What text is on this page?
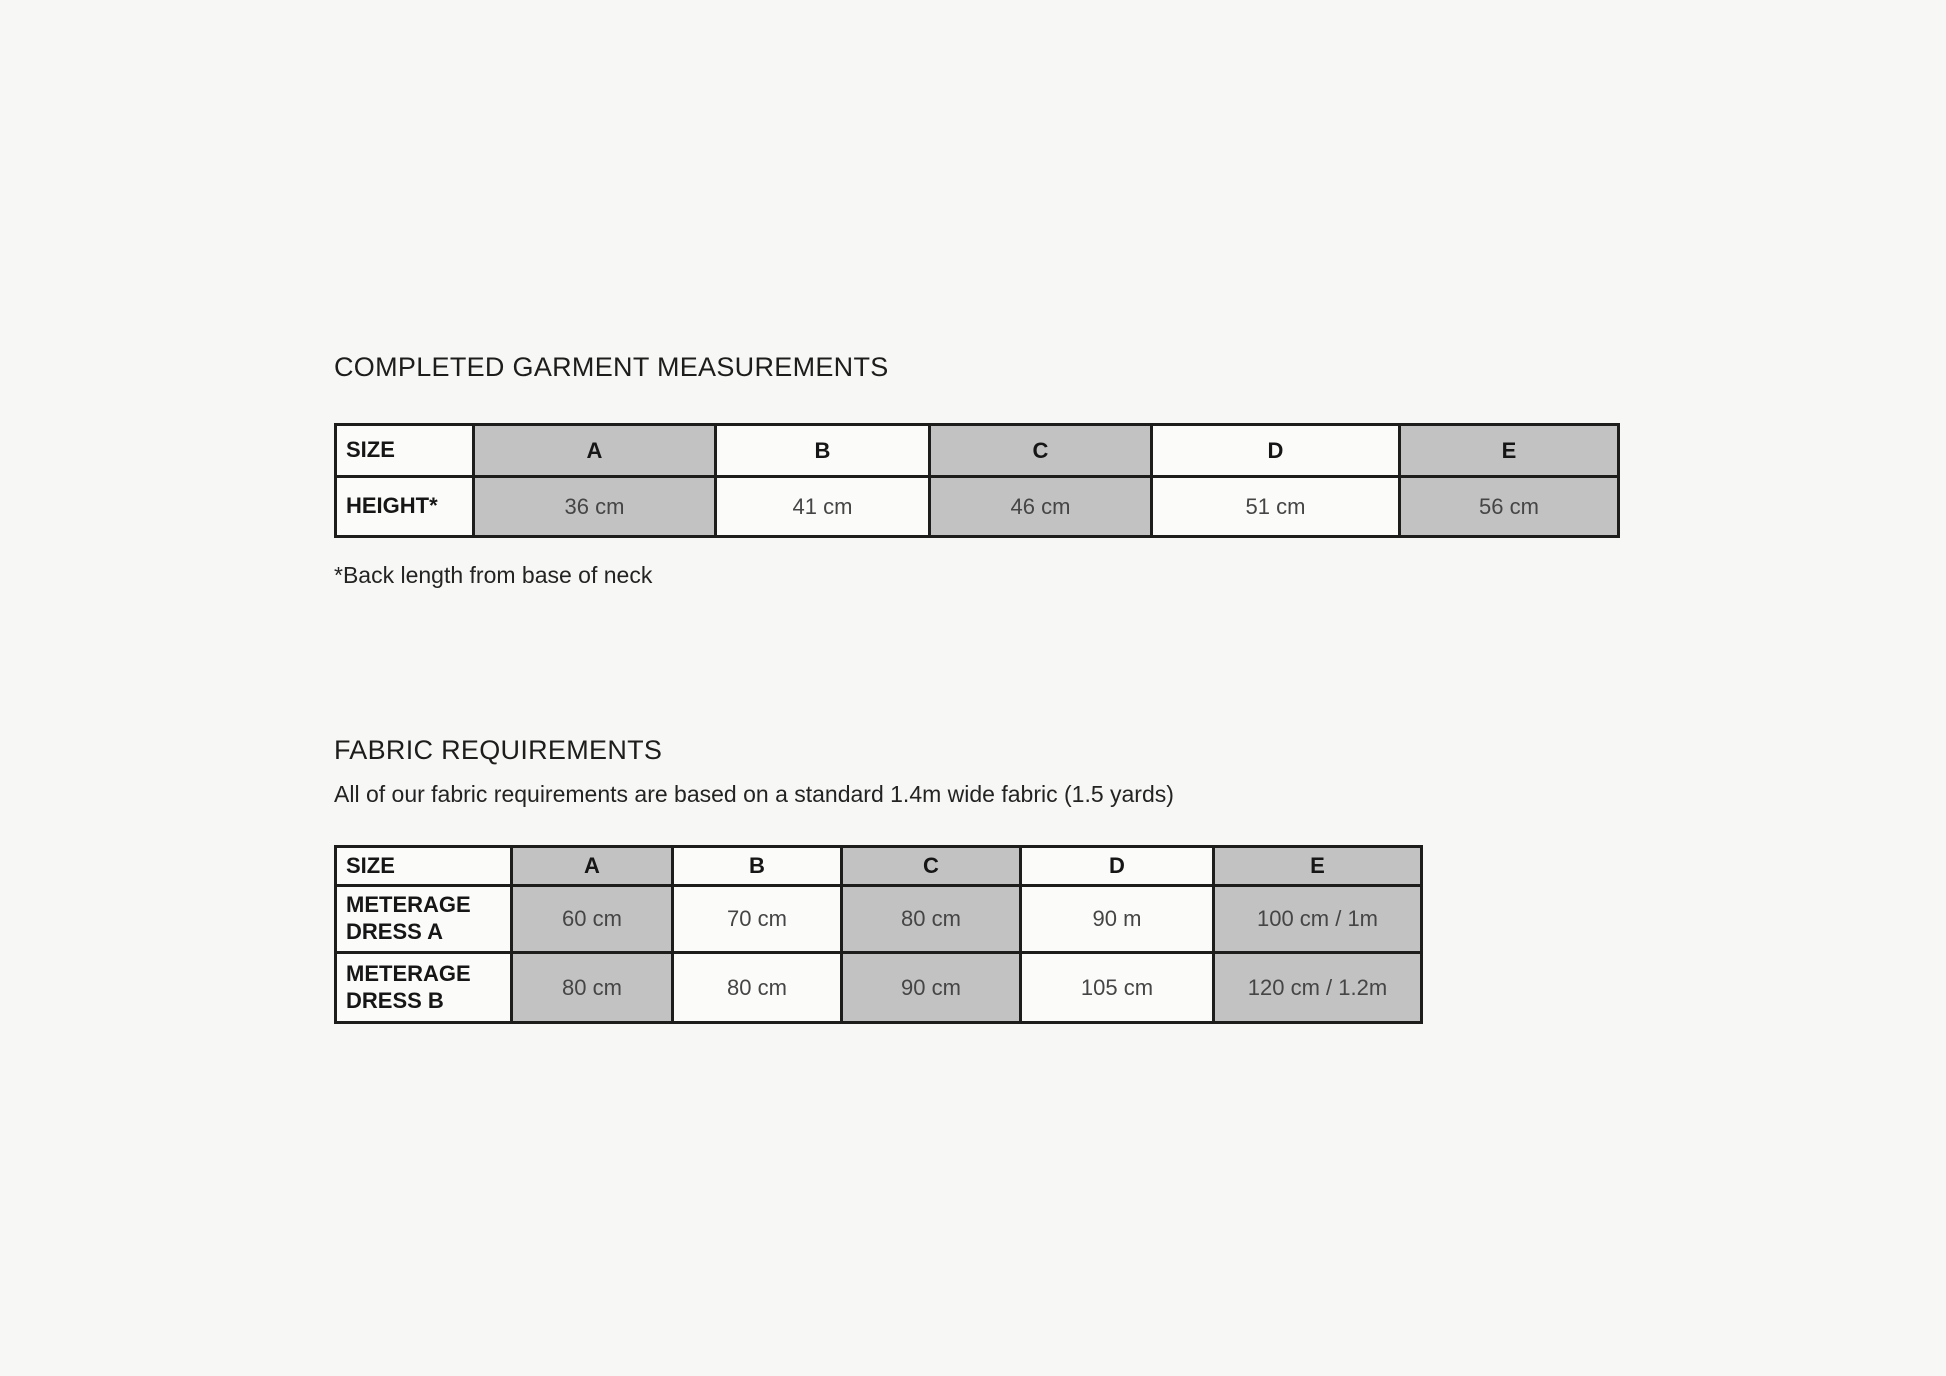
COMPLETED GARMENT MEASUREMENTS
SIZE	A	B	C	D	E
HEIGHT*	36 cm	41 cm	46 cm	51 cm	56 cm
*Back length from base of neck
FABRIC REQUIREMENTS
All of our fabric requirements are based on a standard 1.4m wide fabric (1.5 yards)
SIZE	A	B	C	D	E
METERAGE DRESS A	60 cm	70 cm	80 cm	90 m	100 cm / 1m
METERAGE DRESS B	80 cm	80 cm	90 cm	105 cm	120 cm / 1.2m
